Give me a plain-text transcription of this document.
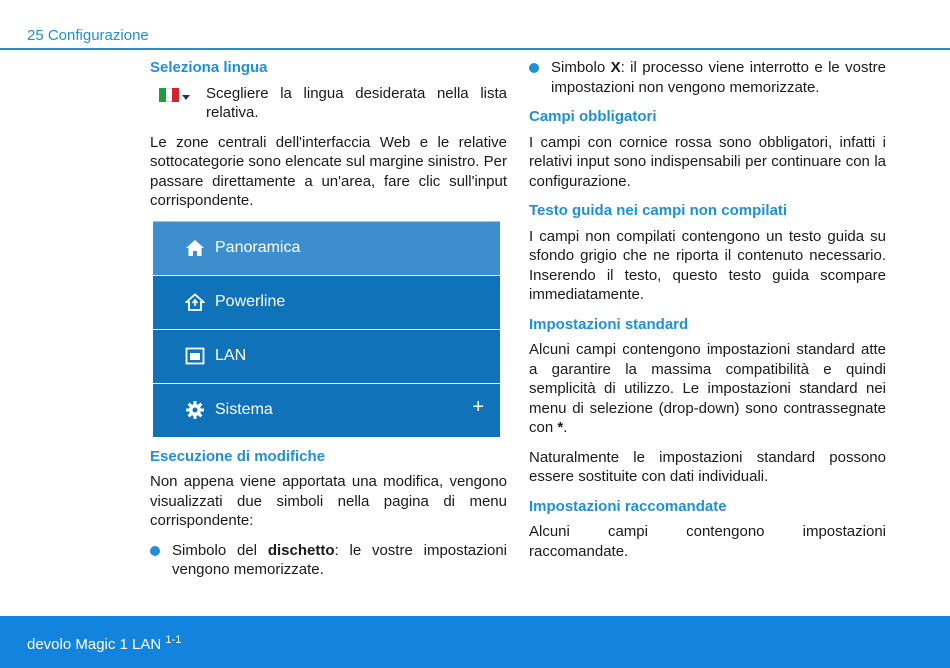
25 Configurazione
Seleziona lingua
Scegliere la lingua desiderata nella lista relativa.
Le zone centrali dell'interfaccia Web e le relative sottocategorie sono elencate sul margine sinistro. Per passare direttamente a un'area, fare clic sull'input corrispondente.
Panoramica
Powerline
LAN
Sistema	+
Esecuzione di modifiche
Non appena viene apportata una modifica, vengono visualizzati due simboli nella pagina di menu corrispondente:
Simbolo del dischetto: le vostre impostazioni vengono memorizzate.
Simbolo X: il processo viene interrotto e le vostre impostazioni non vengono memorizzate.
Campi obbligatori
I campi con cornice rossa sono obbligatori, infatti i relativi input sono indispensabili per continuare con la configurazione.
Testo guida nei campi non compilati
I campi non compilati contengono un testo guida su sfondo grigio che ne riporta il contenuto necessario. Inserendo il testo, questo testo guida scompare immediatamente.
Impostazioni standard
Alcuni campi contengono impostazioni standard atte a garantire la massima compatibilità e quindi semplicità di utilizzo. Le impostazioni standard nei menu di selezione (drop-down) sono contrassegnate con *.
Naturalmente le impostazioni standard possono essere sostituite con dati individuali.
Impostazioni raccomandate
Alcuni campi contengono impostazioni raccomandate.
devolo Magic 1 LAN $^{1-1}$
